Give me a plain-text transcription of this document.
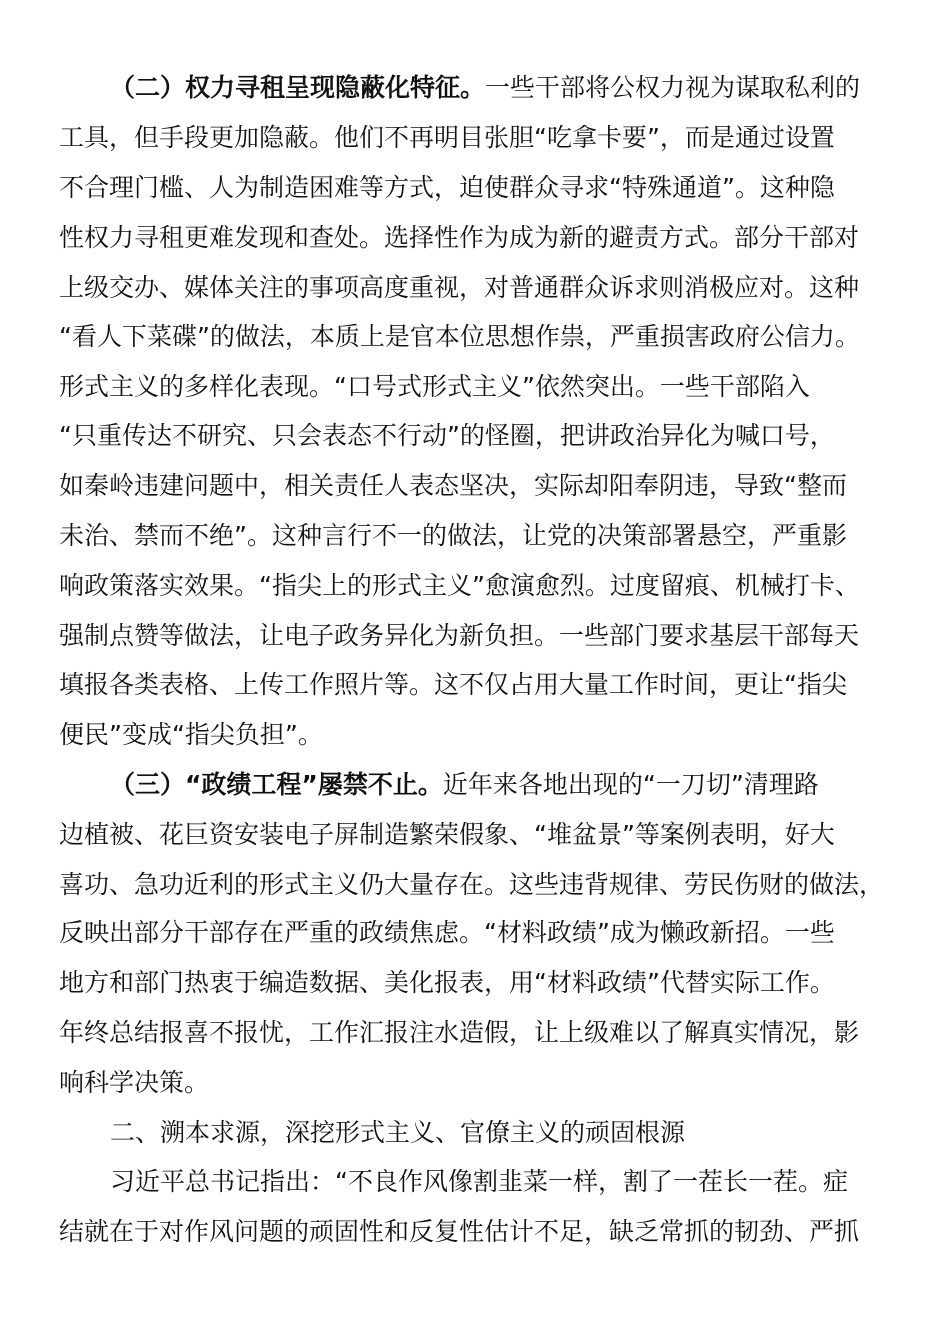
（二）权力寻租呈现隐蔽化特征。一些干部将公权力视为谋取私利的
工具，但手段更加隐蔽。他们不再明目张胆“吃拿卡要”，而是通过设置
不合理门槛、人为制造困难等方式，迫使群众寻求“特殊通道”。这种隐
性权力寻租更难发现和查处。选择性作为成为新的避责方式。部分干部对
上级交办、媒体关注的事项高度重视，对普通群众诉求则消极应对。这种
“看人下菜碟”的做法，本质上是官本位思想作祟，严重损害政府公信力。
形式主义的多样化表现。“口号式形式主义”依然突出。一些干部陷入
“只重传达不研究、只会表态不行动”的怪圈，把讲政治异化为喊口号，
如秦岭违建问题中，相关责任人表态坚决，实际却阳奉阴违，导致“整而
未治、禁而不绝”。这种言行不一的做法，让党的决策部署悬空，严重影
响政策落实效果。“指尖上的形式主义”愈演愈烈。过度留痕、机械打卡、
强制点赞等做法，让电子政务异化为新负担。一些部门要求基层干部每天
填报各类表格、上传工作照片等。这不仅占用大量工作时间，更让“指尖
便民”变成“指尖负担”。
（三）“政绩工程”屡禁不止。近年来各地出现的“一刀切”清理路
边植被、花巨资安装电子屏制造繁荣假象、“堆盆景”等案例表明，好大
喜功、急功近利的形式主义仍大量存在。这些违背规律、劳民伤财的做法，
反映出部分干部存在严重的政绩焦虑。“材料政绩”成为懒政新招。一些
地方和部门热衷于编造数据、美化报表，用“材料政绩”代替实际工作。
年终总结报喜不报忧，工作汇报注水造假，让上级难以了解真实情况，影
响科学决策。
二、溯本求源，深挖形式主义、官僚主义的顽固根源
习近平总书记指出：“不良作风像割韭菜一样，割了一茬长一茬。症
结就在于对作风问题的顽固性和反复性估计不足，缺乏常抓的韧劲、严抓
